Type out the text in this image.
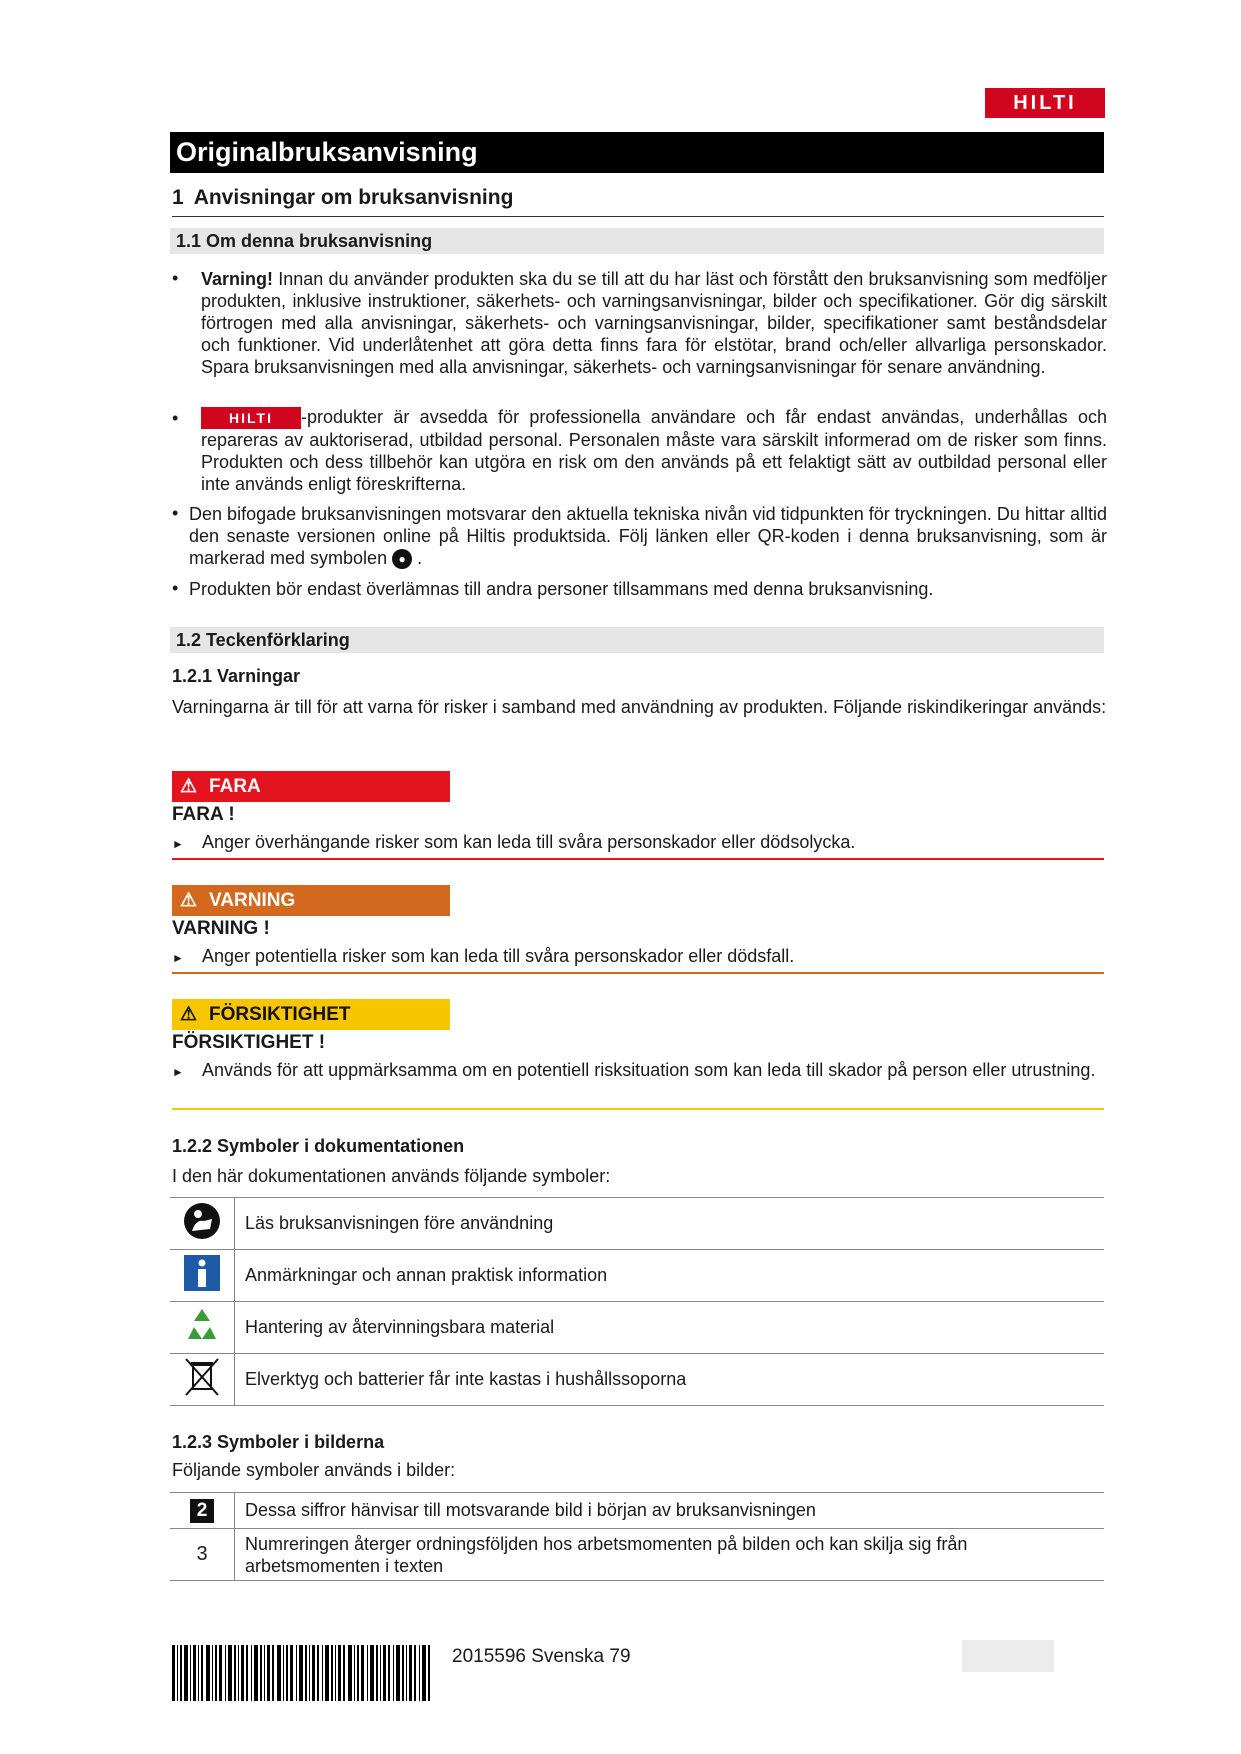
HILTI
Originalbruksanvisning
1 Anvisningar om bruksanvisning
1.1 Om denna bruksanvisning
•	Varning! Innan du använder produkten ska du se till att du har läst och förstått den bruksanvisning som medföljer produkten, inklusive instruktioner, säkerhets- och varningsanvisningar, bilder och specifikationer. Gör dig särskilt förtrogen med alla anvisningar, säkerhets- och varningsanvisningar, bilder, specifikationer samt beståndsdelar och funktioner. Vid underlåtenhet att göra detta finns fara för elstötar, brand och/eller allvarliga personskador. Spara bruksanvisningen med alla anvisningar, säkerhets- och varningsanvisningar för senare användning.
•	HILTI -produkter är avsedda för professionella användare och får endast användas, underhållas och repareras av auktoriserad, utbildad personal. Personalen måste vara särskilt informerad om de risker som finns. Produkten och dess tillbehör kan utgöra en risk om den används på ett felaktigt sätt av outbildad personal eller inte används enligt föreskrifterna.
• Den bifogade bruksanvisningen motsvarar den aktuella tekniska nivån vid tidpunkten för tryckningen. Du hittar alltid den senaste versionen online på Hiltis produktsida. Följ länken eller QR-koden i denna bruksanvisning, som är markerad med symbolen ● .
• Produkten bör endast överlämnas till andra personer tillsammans med denna bruksanvisning.
1.2 Teckenförklaring
1.2.1 Varningar
Varningarna är till för att varna för risker i samband med användning av produkten. Följande riskindikeringar används:
⚠ FARA
FARA !
► Anger överhängande risker som kan leda till svåra personskador eller dödsolycka.
⚠ VARNING
VARNING !
► Anger potentiella risker som kan leda till svåra personskador eller dödsfall.
⚠ FÖRSIKTIGHET
FÖRSIKTIGHET !
► Används för att uppmärksamma om en potentiell risksituation som kan leda till skador på person eller utrustning.
1.2.2 Symboler i dokumentationen
I den här dokumentationen används följande symboler:
	Läs bruksanvisningen före användning
	Anmärkningar och annan praktisk information
	Hantering av återvinningsbara material
	Elverktyg och batterier får inte kastas i hushållssoporna
1.2.3 Symboler i bilderna
Följande symboler används i bilder:
2	Dessa siffror hänvisar till motsvarande bild i början av bruksanvisningen
3	Numreringen återger ordningsföljden hos arbetsmomenten på bilden och kan skilja sig från arbetsmomenten i texten
2015596 Svenska 79
